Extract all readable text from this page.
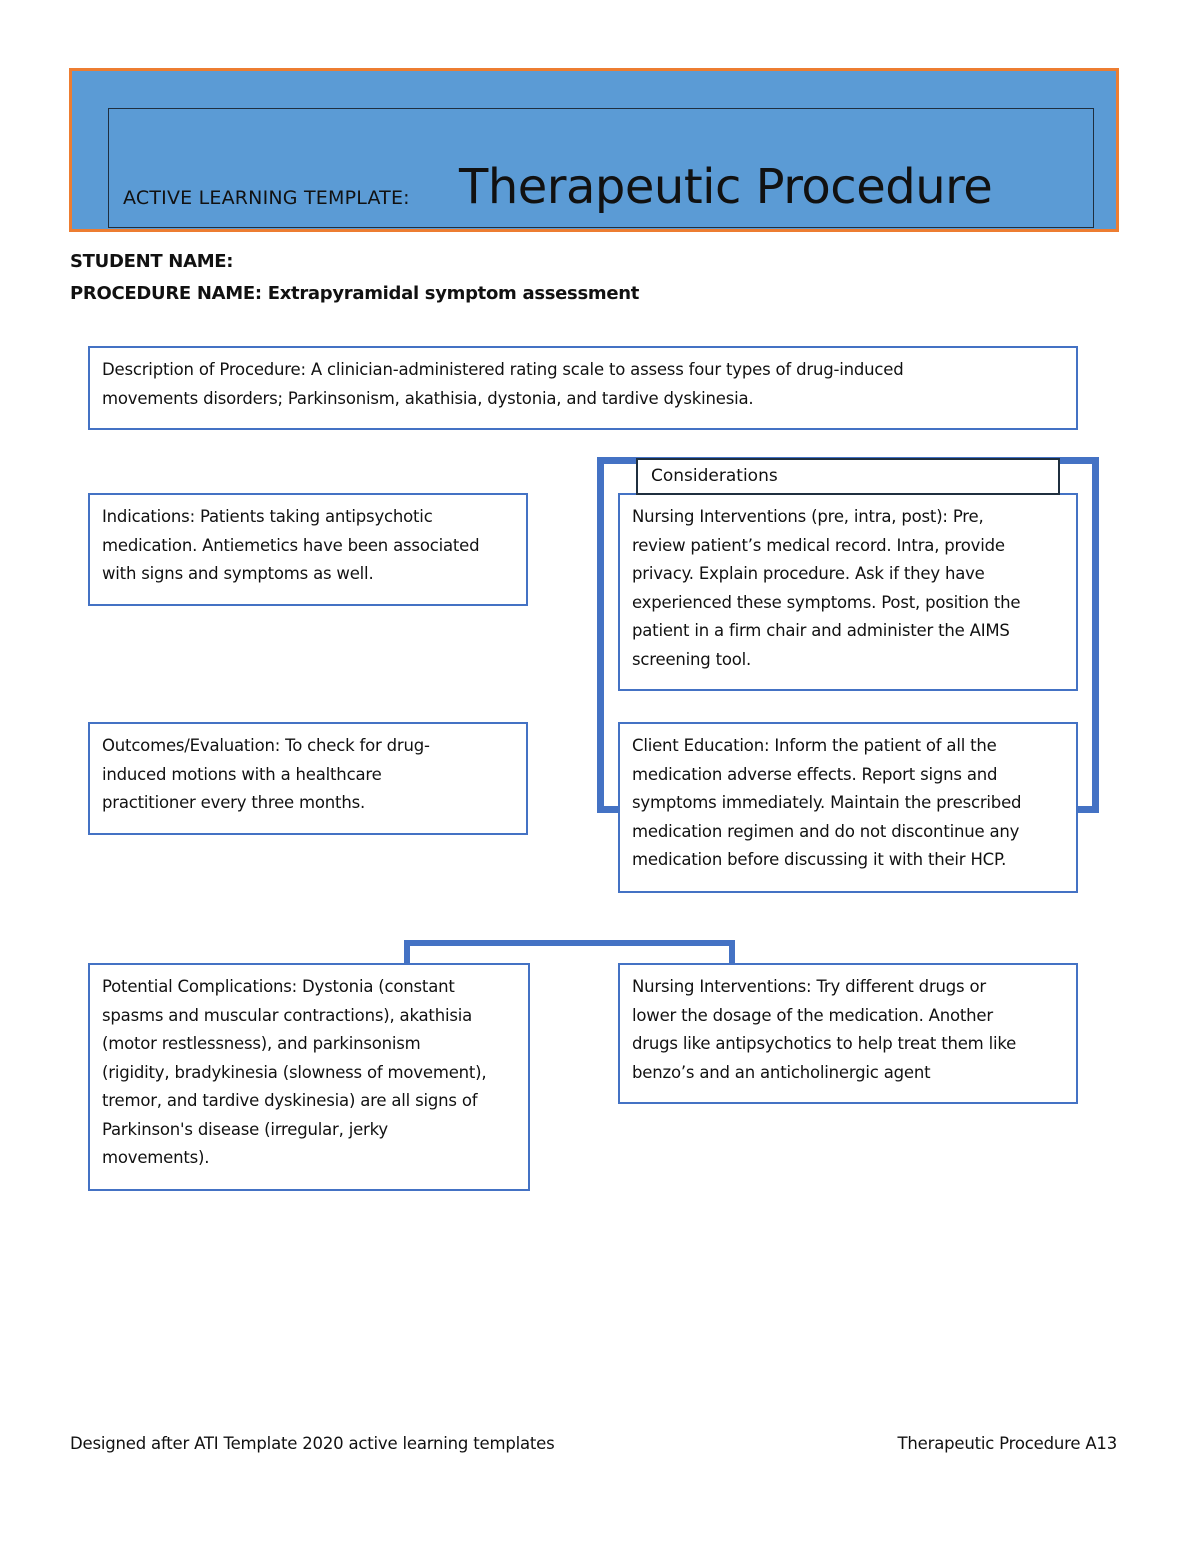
ACTIVE LEARNING TEMPLATE: Therapeutic Procedure
STUDENT NAME:
PROCEDURE NAME: Extrapyramidal symptom assessment

Description of Procedure: A clinician-administered rating scale to assess four types of drug-induced

movements disorders; Parkinsonism, akathisia, dystonia, and tardive dyskinesia.

Indications: Patients taking antipsychotic

medication. Antiemetics have been associated

with signs and symptoms as well.

Nursing Interventions (pre, intra, post): Pre,

review patient’s medical record. Intra, provide

privacy. Explain procedure. Ask if they have

experienced these symptoms. Post, position the

patient in a firm chair and administer the AIMS

screening tool.

Considerations

Outcomes/Evaluation: To check for drug-

induced motions with a healthcare

practitioner every three months.

Client Education: Inform the patient of all the

medication adverse effects. Report signs and

symptoms immediately. Maintain the prescribed

medication regimen and do not discontinue any

medication before discussing it with their HCP.

Potential Complications: Dystonia (constant

spasms and muscular contractions), akathisia

(motor restlessness), and parkinsonism

(rigidity, bradykinesia (slowness of movement),

tremor, and tardive dyskinesia) are all signs of

Parkinson's disease (irregular, jerky

movements).

Nursing Interventions: Try different drugs or

lower the dosage of the medication. Another

drugs like antipsychotics to help treat them like

benzo’s and an anticholinergic agent

Designed after ATI Template 2020 active learning templates	Therapeutic Procedure A13
